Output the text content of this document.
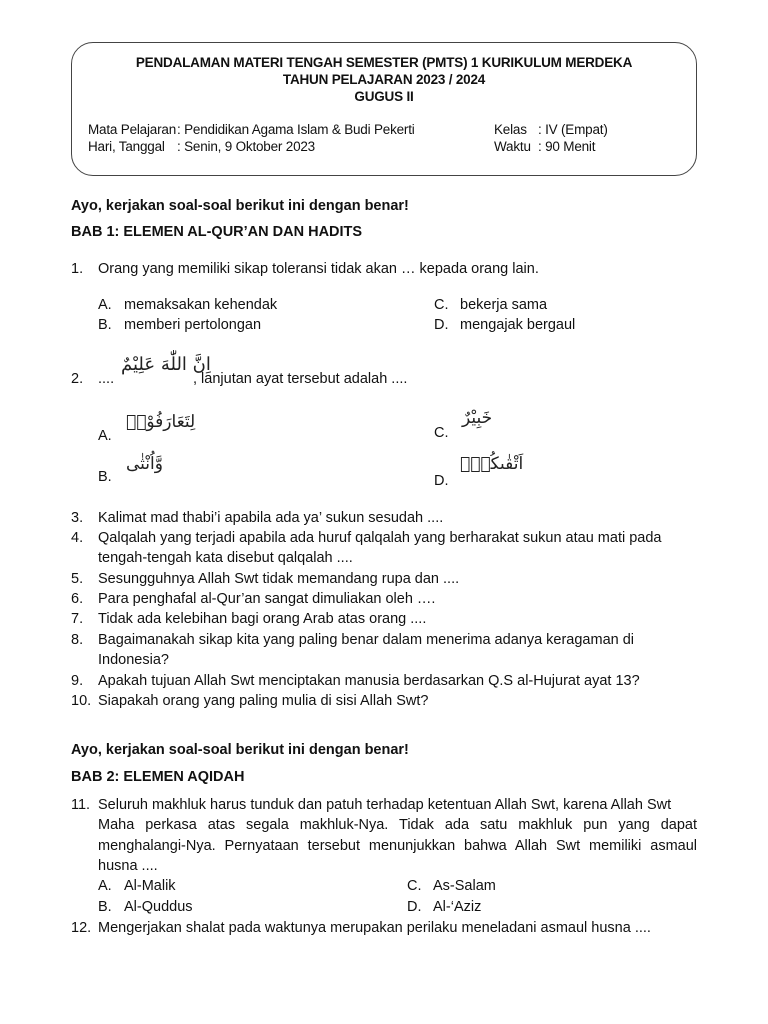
PENDALAMAN MATERI TENGAH SEMESTER (PMTS) 1 KURIKULUM MERDEKA
TAHUN PELAJARAN 2023 / 2024
GUGUS II
Mata Pelajaran : Pendidikan Agama Islam & Budi Pekerti
Hari, Tanggal : Senin, 9 Oktober 2023
Kelas : IV (Empat)
Waktu : 90 Menit
Ayo, kerjakan soal-soal berikut ini dengan benar!
BAB 1: ELEMEN AL-QUR’AN DAN HADITS
1. Orang yang memiliki sikap toleransi tidak akan … kepada orang lain.
A. memaksakan kehendak
B. memberi pertolongan
C. bekerja sama
D. mengajak bergaul
2. ....
اِنَّ اللّٰهَ عَلِيْمٌ
, lanjutan ayat tersebut adalah ....
A.
لِتَعَارَفُوْاۗ
B.
وَّاُنْثٰى
C.
خَبِيْرٌ
D.
اَتْقٰىكُمْۗ
3. Kalimat mad thabi’i apabila ada ya’ sukun sesudah ....
4. Qalqalah yang terjadi apabila ada huruf qalqalah yang berharakat sukun atau mati pada
tengah-tengah kata disebut qalqalah ....
5. Sesungguhnya Allah Swt tidak memandang rupa dan ....
6. Para penghafal al-Qur’an sangat dimuliakan oleh ….
7. Tidak ada kelebihan bagi orang Arab atas orang ....
8. Bagaimanakah sikap kita yang paling benar dalam menerima adanya keragaman di
Indonesia?
9. Apakah tujuan Allah Swt menciptakan manusia berdasarkan Q.S al-Hujurat ayat 13?
10. Siapakah orang yang paling mulia di sisi Allah Swt?
Ayo, kerjakan soal-soal berikut ini dengan benar!
BAB 2: ELEMEN AQIDAH
11. Seluruh makhluk harus tunduk dan patuh terhadap ketentuan Allah Swt, karena Allah Swt
Maha perkasa atas segala makhluk-Nya. Tidak ada satu makhluk pun yang dapat
menghalangi-Nya. Pernyataan tersebut menunjukkan bahwa Allah Swt memiliki asmaul
husna ....
A. Al-Malik
B. Al-Quddus
C. As-Salam
D. Al-‘Aziz
12. Mengerjakan shalat pada waktunya merupakan perilaku meneladani asmaul husna ....
